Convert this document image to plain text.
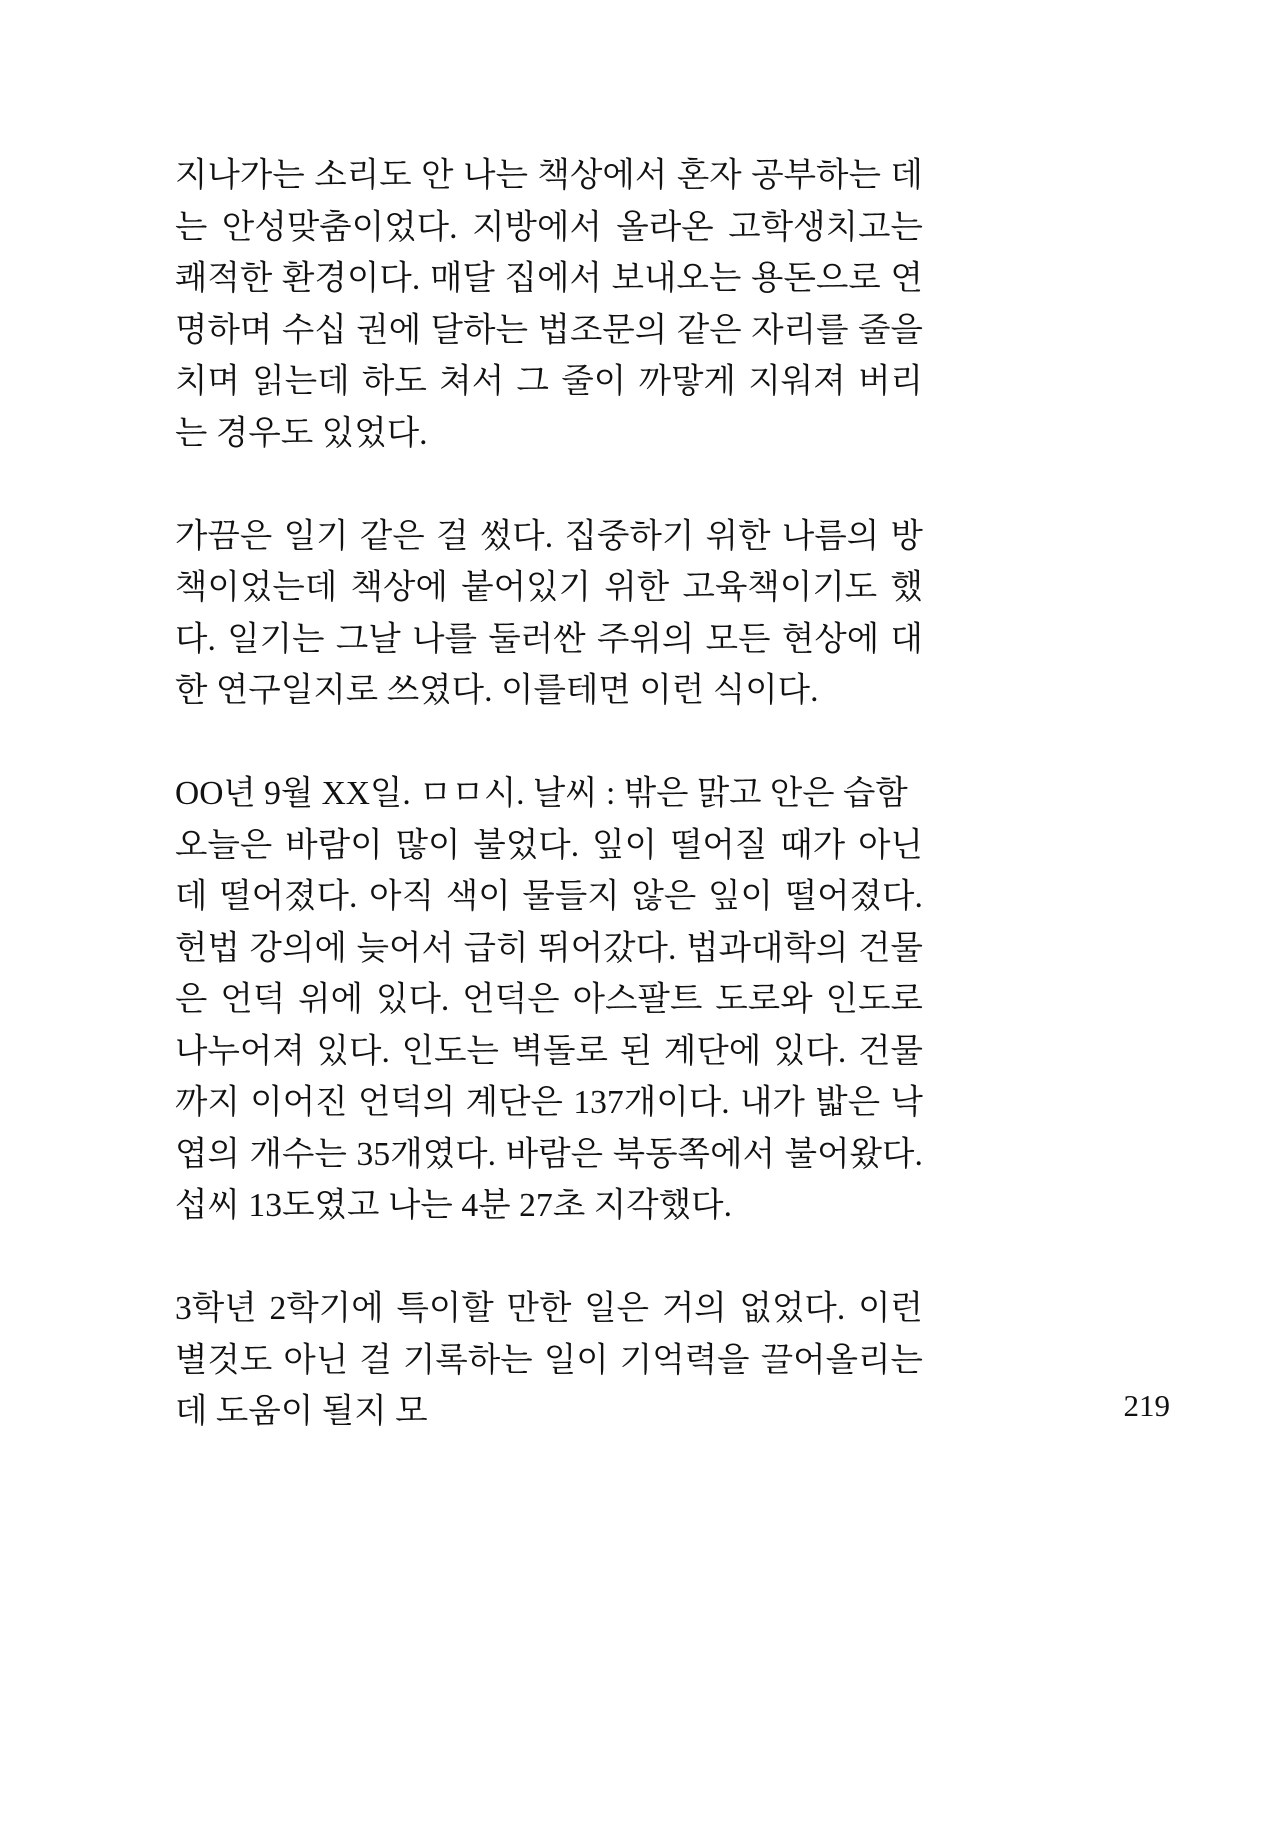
지나가는 소리도 안 나는 책상에서 혼자 공부하는 데는 안성맞춤이었다. 지방에서 올라온 고학생치고는 쾌적한 환경이다. 매달 집에서 보내오는 용돈으로 연명하며 수십 권에 달하는 법조문의 같은 자리를 줄을 치며 읽는데 하도 쳐서 그 줄이 까맣게 지워져 버리는 경우도 있었다.

가끔은 일기 같은 걸 썼다. 집중하기 위한 나름의 방책이었는데 책상에 붙어있기 위한 고육책이기도 했다. 일기는 그날 나를 둘러싼 주위의 모든 현상에 대한 연구일지로 쓰였다. 이를테면 이런 식이다.

OO년 9월 XX일. ㅁㅁ시. 날씨 : 밖은 맑고 안은 습함

오늘은 바람이 많이 불었다. 잎이 떨어질 때가 아닌데 떨어졌다. 아직 색이 물들지 않은 잎이 떨어졌다. 헌법 강의에 늦어서 급히 뛰어갔다. 법과대학의 건물은 언덕 위에 있다. 언덕은 아스팔트 도로와 인도로 나누어져 있다. 인도는 벽돌로 된 계단에 있다. 건물까지 이어진 언덕의 계단은 137개이다. 내가 밟은 낙엽의 개수는 35개였다. 바람은 북동쪽에서 불어왔다. 섭씨 13도였고 나는 4분 27초 지각했다.

3학년 2학기에 특이할 만한 일은 거의 없었다. 이런 별것도 아닌 걸 기록하는 일이 기억력을 끌어올리는 데 도움이 될지 모	219
